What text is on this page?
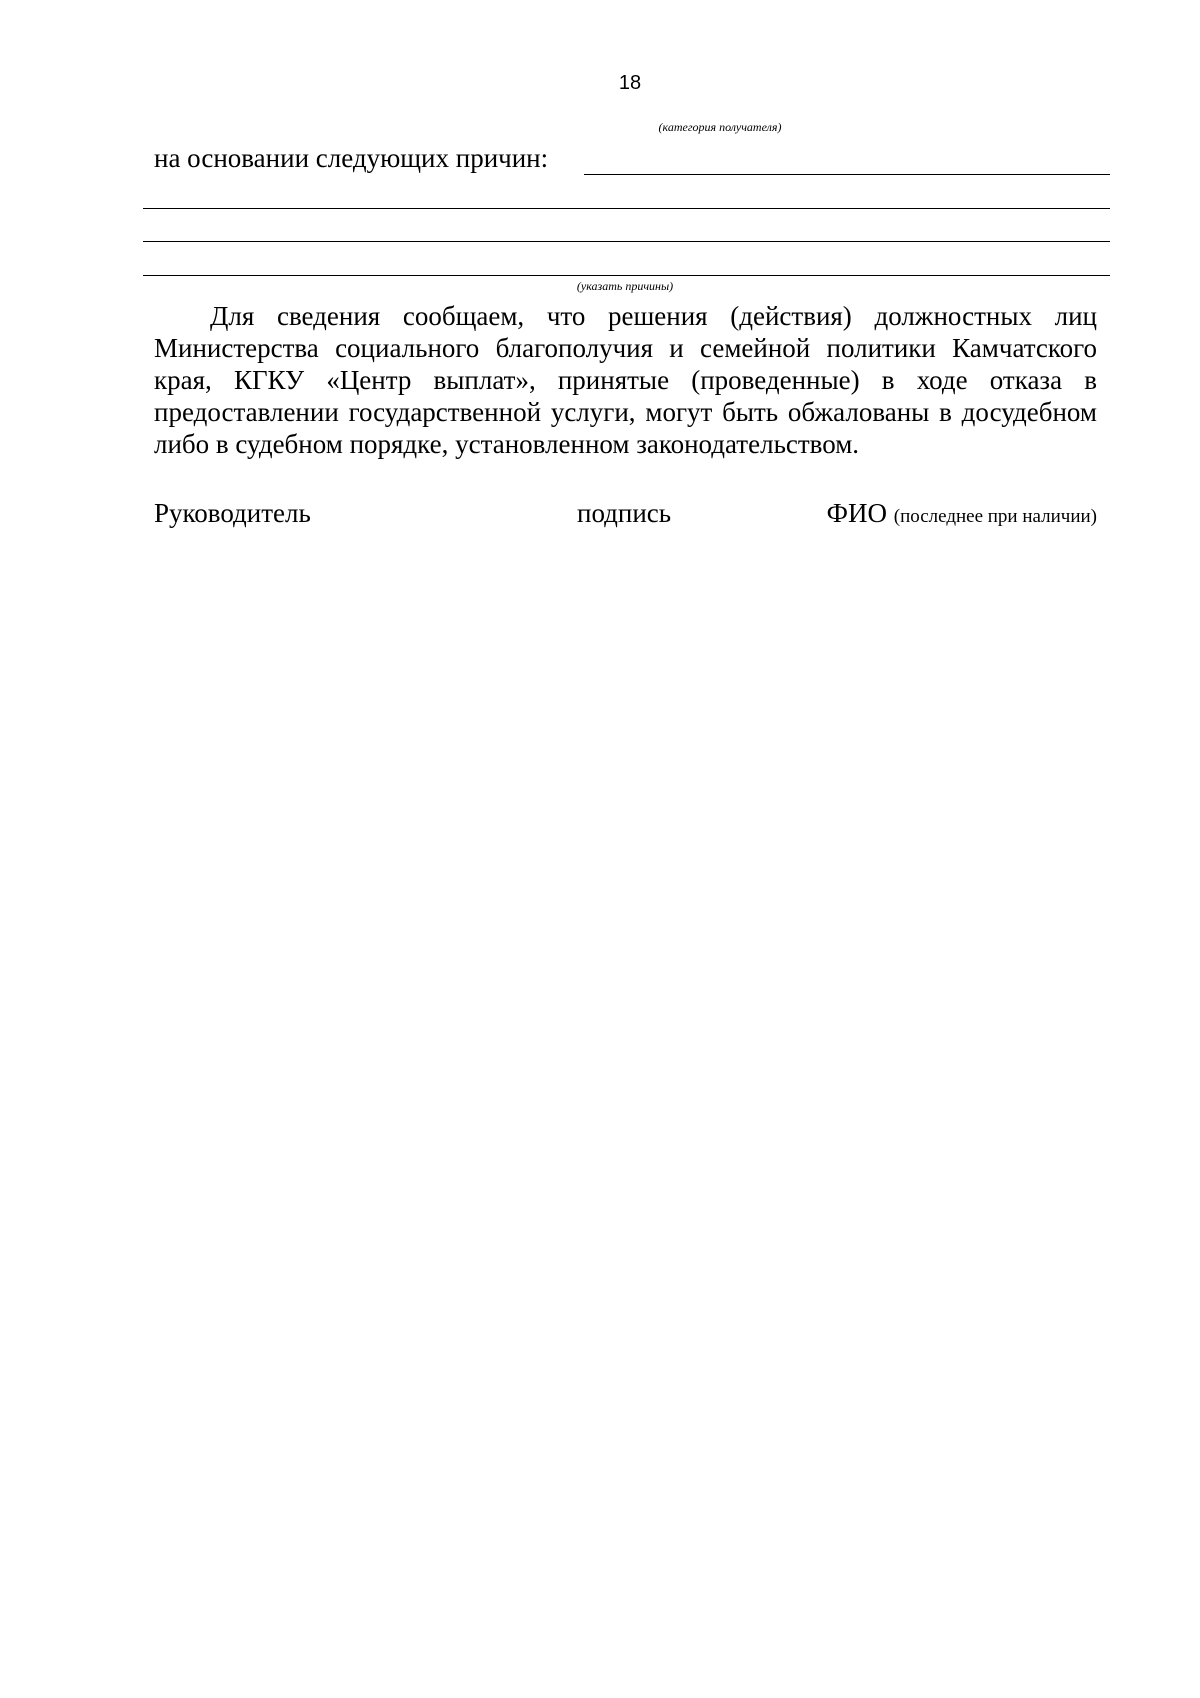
18
(категория получателя)
на основании следующих причин:
(указать причины)

Для сведения сообщаем, что решения (действия) должностных лиц Министерства социального благополучия и семейной политики Камчатского края, КГКУ «Центр выплат», принятые (проведенные) в ходе отказа в предоставлении государственной услуги, могут быть обжалованы в досудебном либо в судебном порядке, установленном законодательством.

Руководитель	подпись	ФИО (последнее при наличии)
